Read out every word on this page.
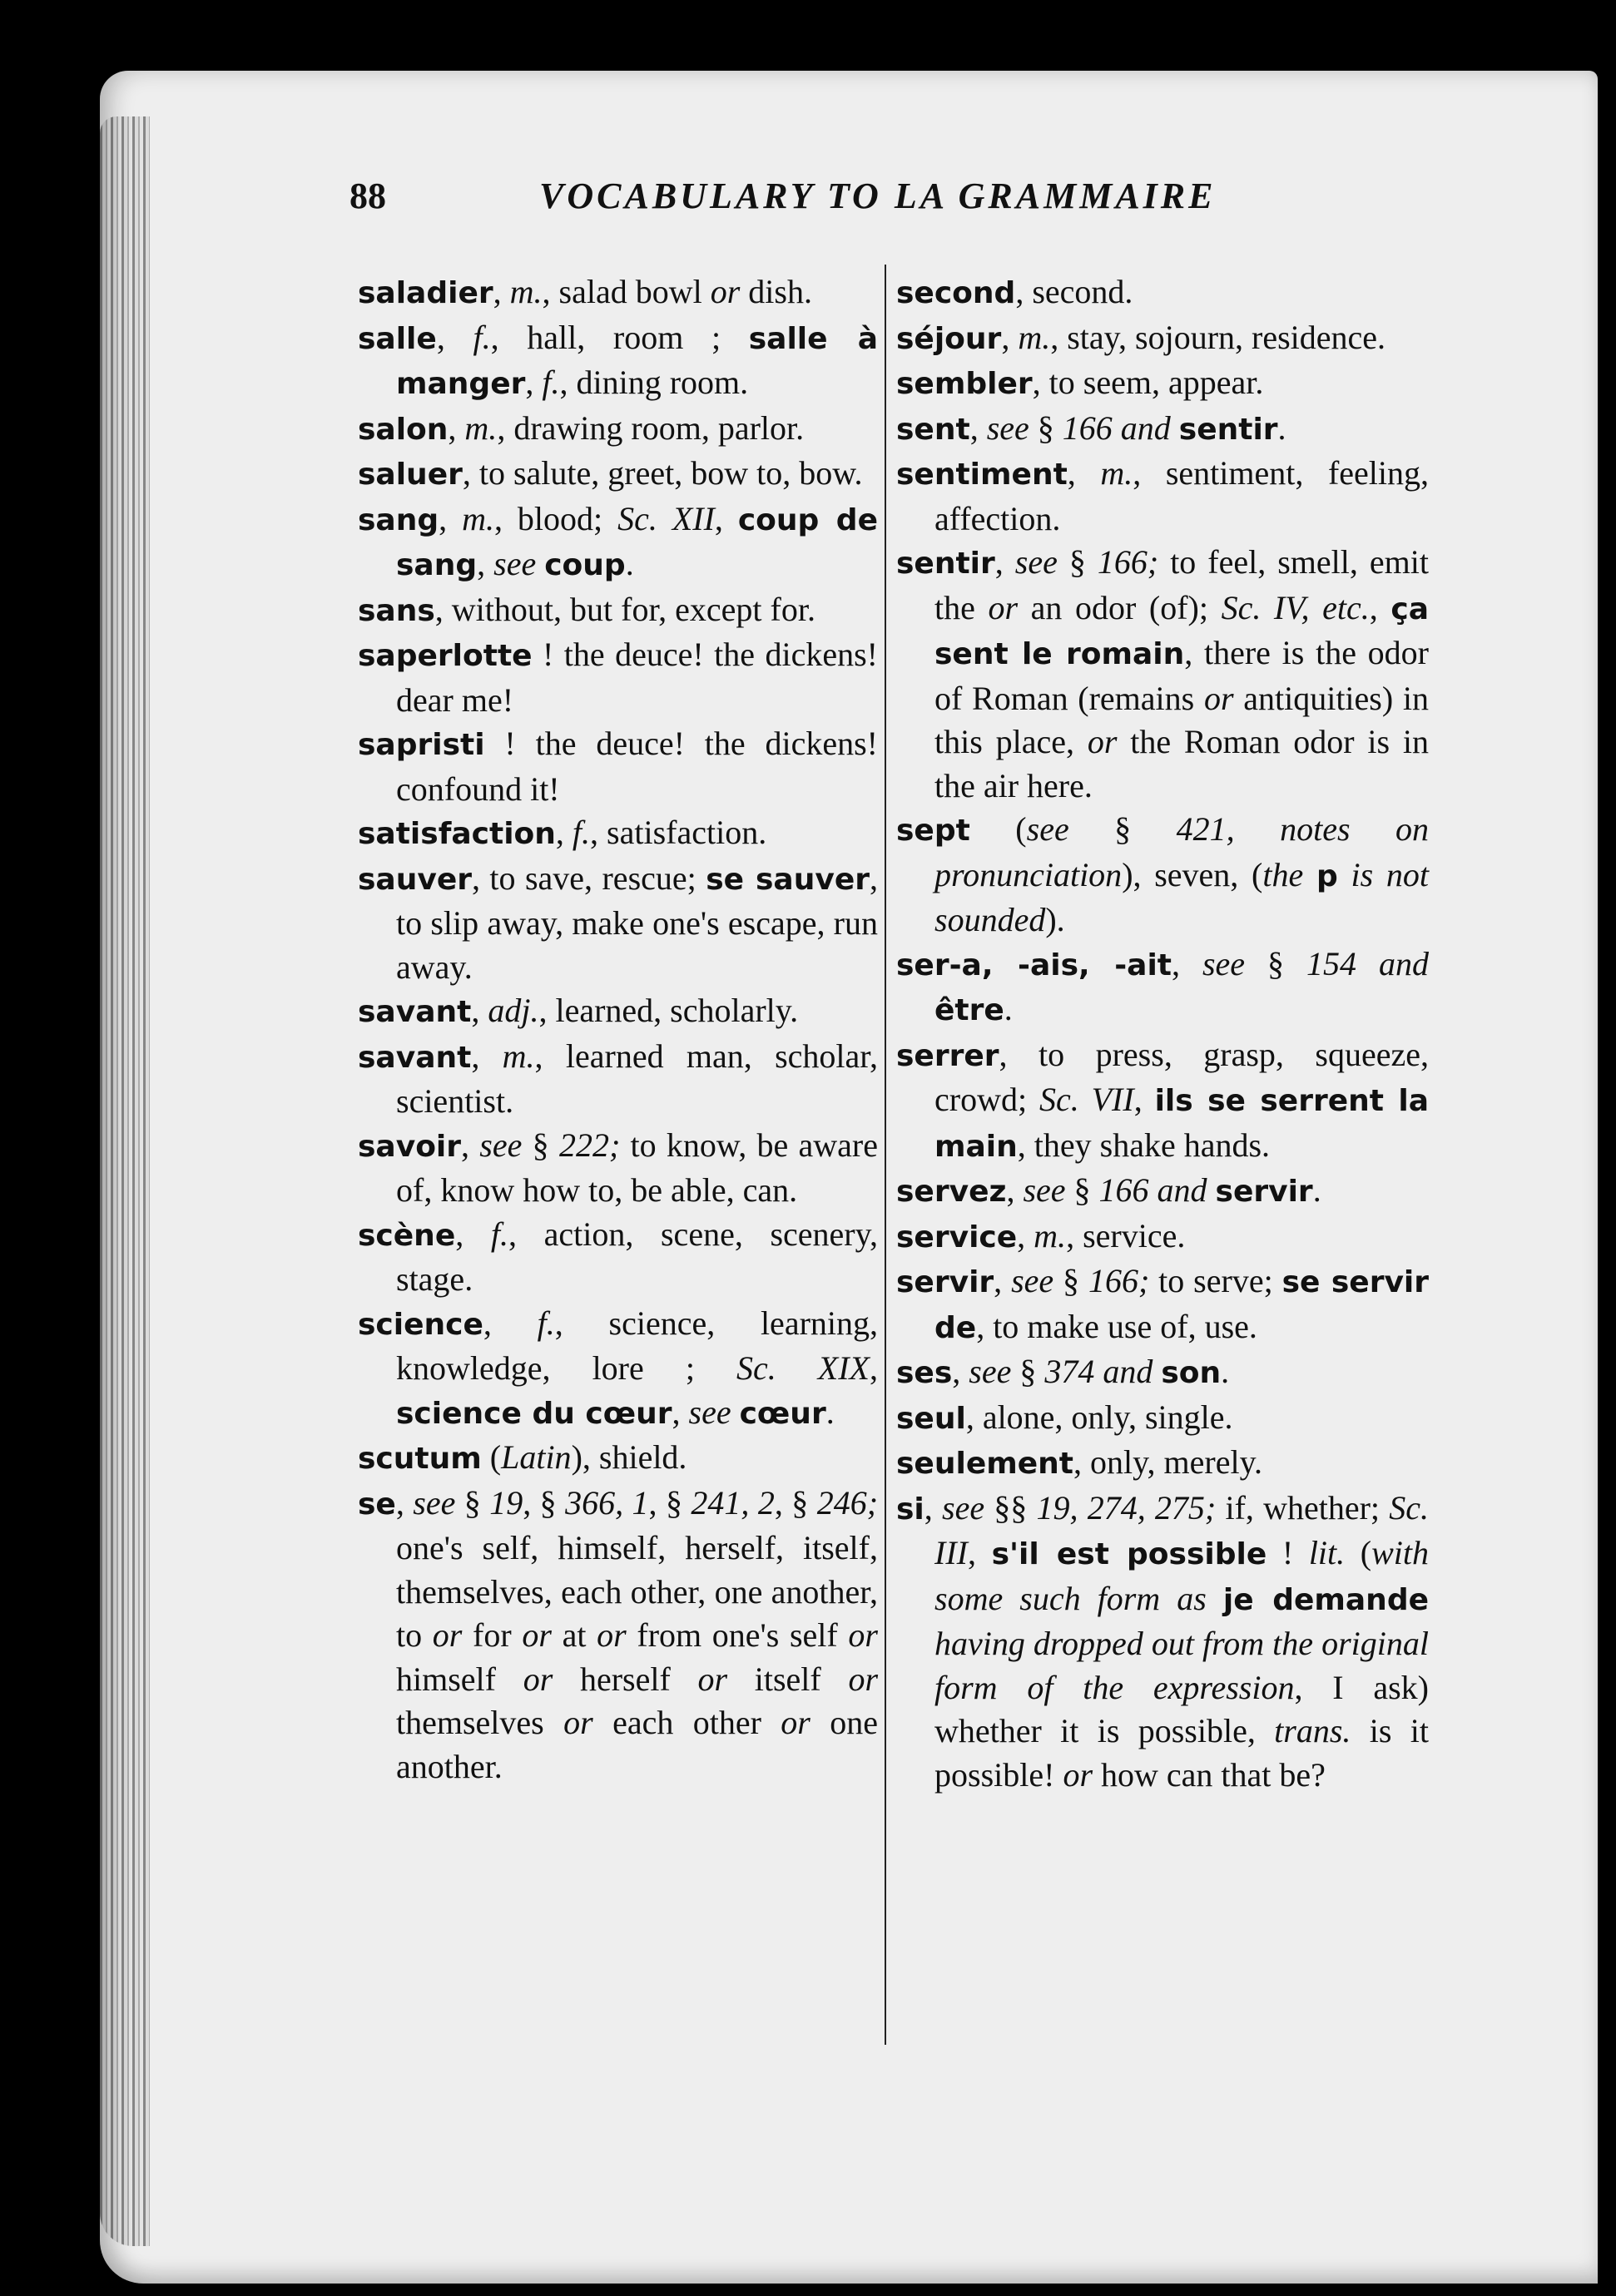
88	VOCABULARY TO LA GRAMMAIRE

saladier, m., salad bowl or dish.

salle, f., hall, room ; salle à manger, f., dining room.

salon, m., drawing room, parlor.

saluer, to salute, greet, bow to, bow.

sang, m., blood; Sc. XII, coup de sang, see coup.

sans, without, but for, except for.

saperlotte ! the deuce! the dickens! dear me!

sapristi ! the deuce! the dickens! confound it!

satisfaction, f., satisfaction.

sauver, to save, rescue; se sauver, to slip away, make one's escape, run away.

savant, adj., learned, scholarly.

savant, m., learned man, scholar, scientist.

savoir, see § 222; to know, be aware of, know how to, be able, can.

scène, f., action, scene, scenery, stage.

science, f., science, learning, knowledge, lore ; Sc. XIX, science du cœur, see cœur.

scutum (Latin), shield.

se, see § 19, § 366, 1, § 241, 2, § 246; one's self, himself, herself, itself, themselves, each other, one another, to or for or at or from one's self or himself or herself or itself or themselves or each other or one another.

second, second.

séjour, m., stay, sojourn, residence.

sembler, to seem, appear.

sent, see § 166 and sentir.

sentiment, m., sentiment, feeling, affection.

sentir, see § 166; to feel, smell, emit the or an odor (of); Sc. IV, etc., ça sent le romain, there is the odor of Roman (remains or antiquities) in this place, or the Roman odor is in the air here.

sept (see § 421, notes on pronunciation), seven, (the p is not sounded).

ser-a, -ais, -ait, see § 154 and être.

serrer, to press, grasp, squeeze, crowd; Sc. VII, ils se serrent la main, they shake hands.

servez, see § 166 and servir.

service, m., service.

servir, see § 166; to serve; se servir de, to make use of, use.

ses, see § 374 and son.

seul, alone, only, single.

seulement, only, merely.

si, see §§ 19, 274, 275; if, whether; Sc. III, s'il est possible ! lit. (with some such form as je demande having dropped out from the original form of the expression, I ask) whether it is possible, trans. is it possible! or how can that be?
